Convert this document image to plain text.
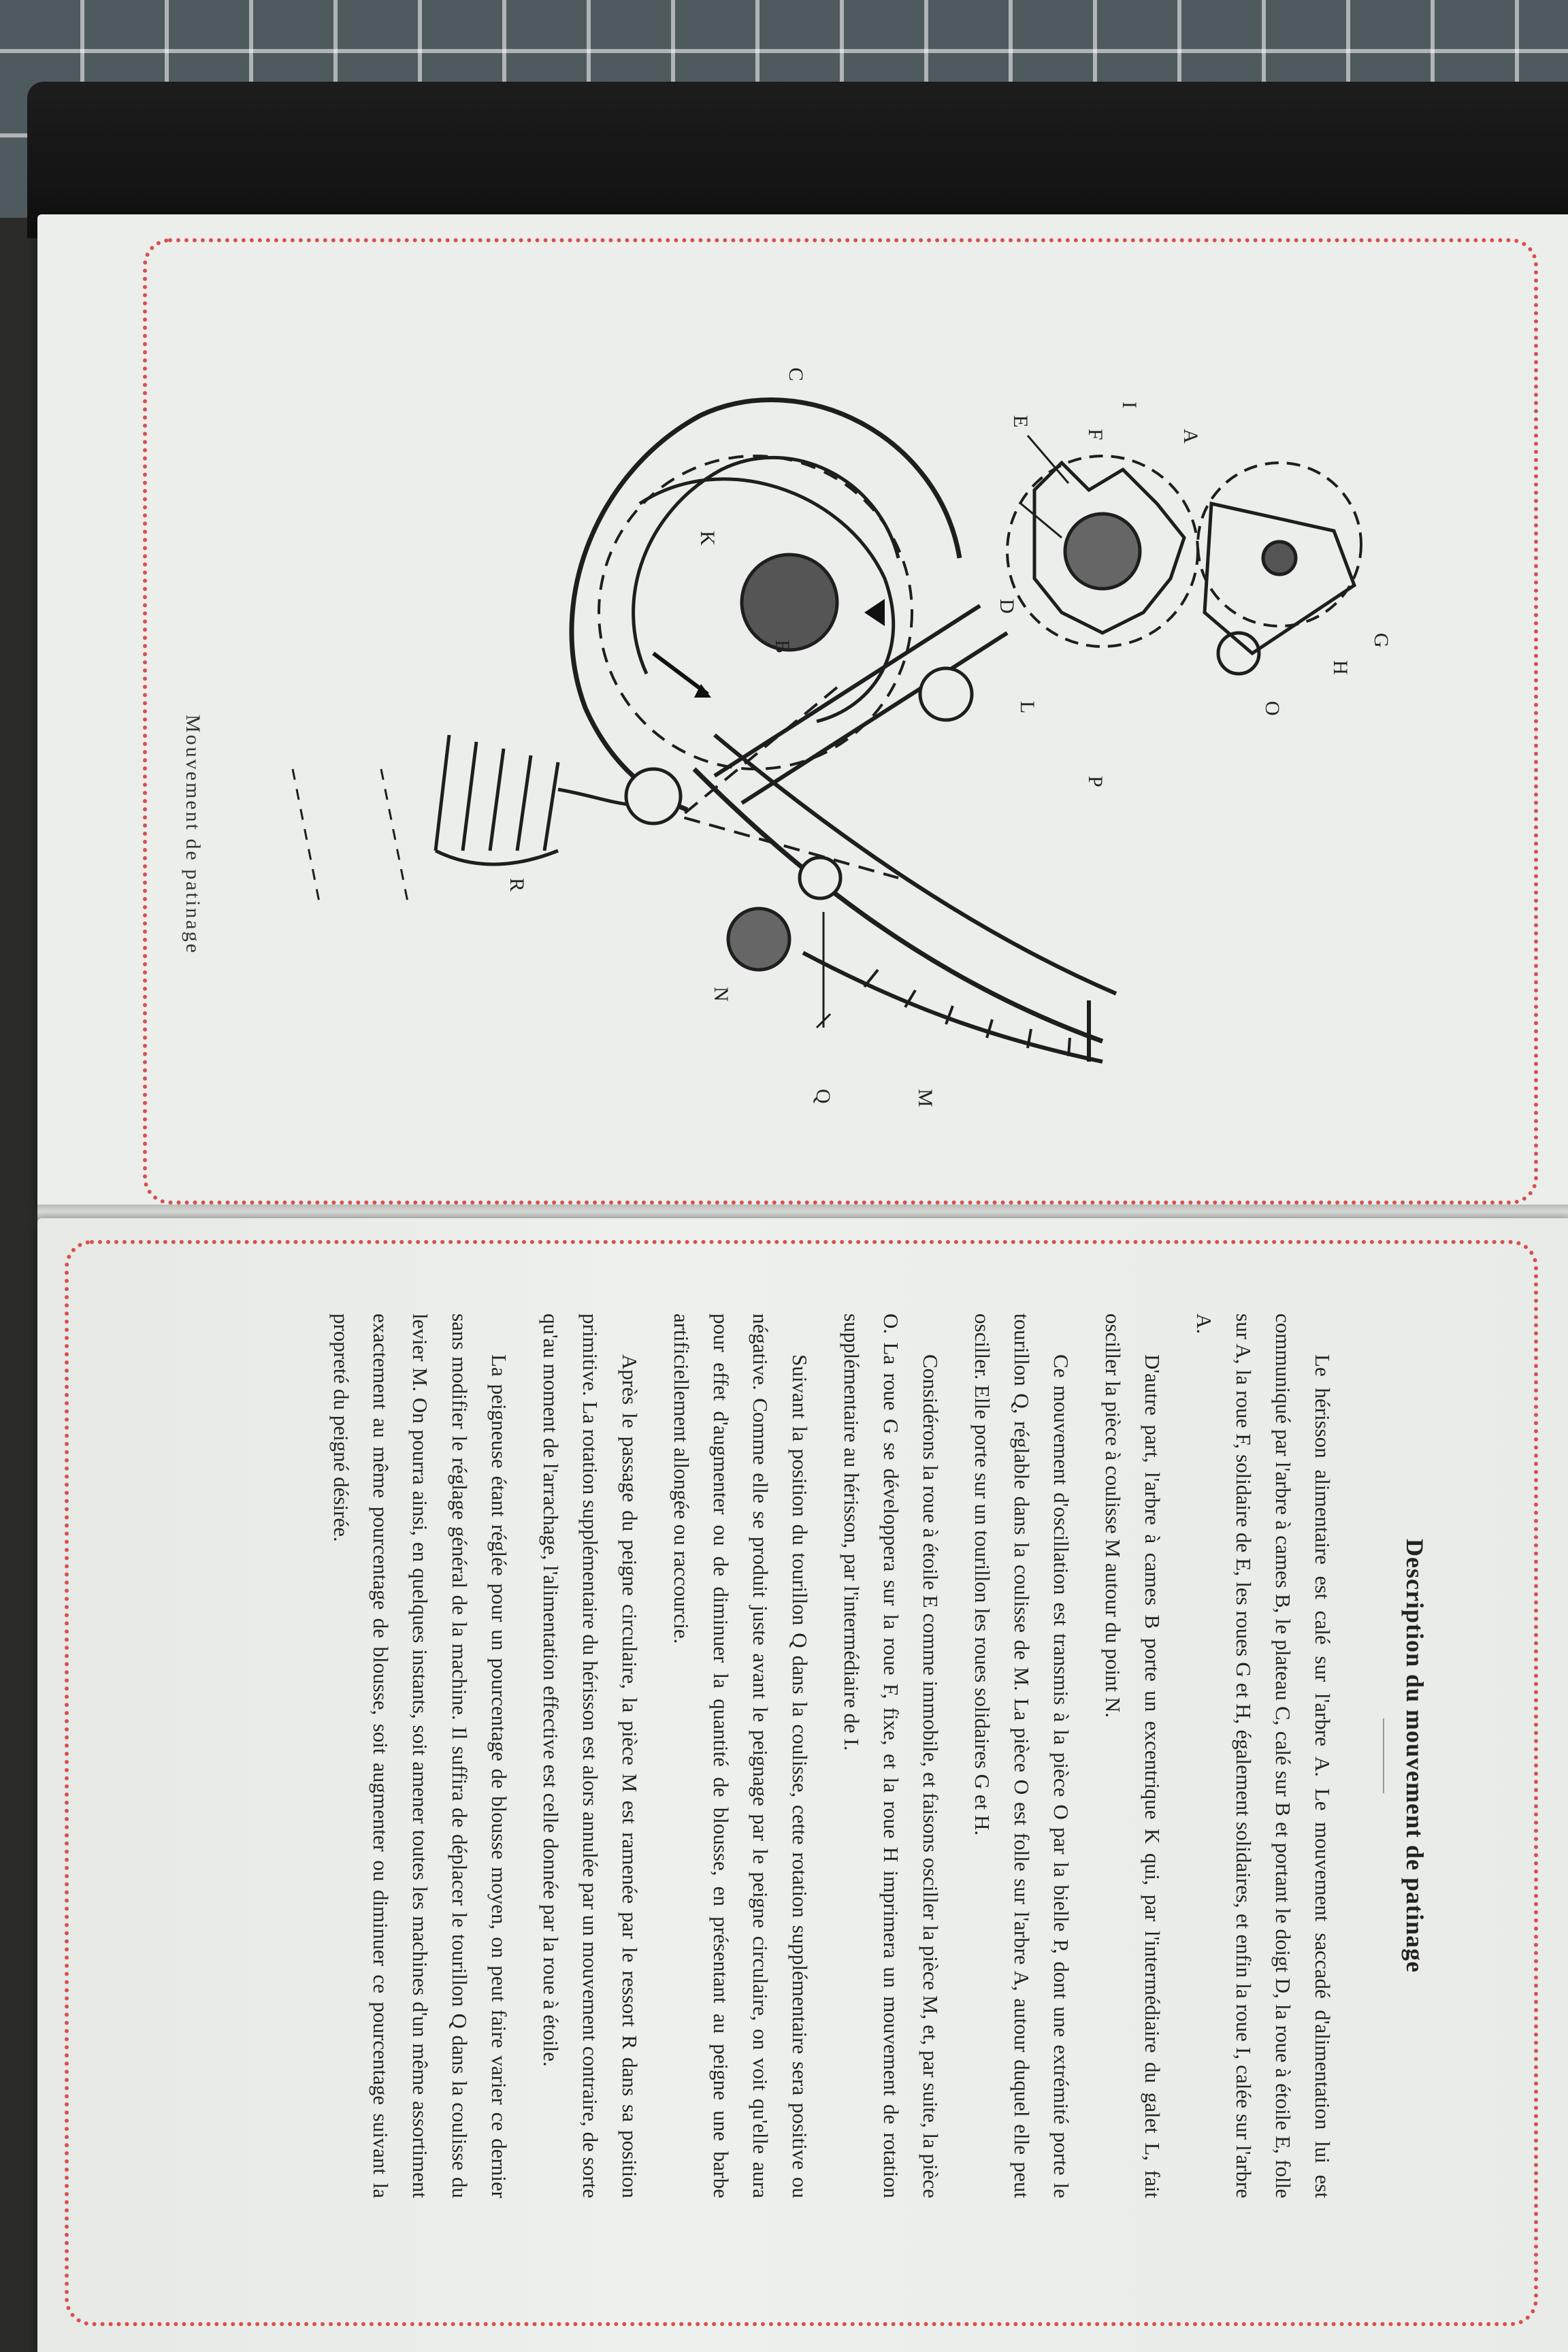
A
B
C
D
E
F
G
H
I
K
L
M
N
O
P
Q
R
Mouvement de patinage
Description du mouvement de patinage

Le hérisson alimentaire est calé sur l'arbre A. Le mouvement saccadé d'alimentation lui est communiqué par l'arbre à cames B, le plateau C, calé sur B et portant le doigt D, la roue à étoile E, folle sur A, la roue F, solidaire de E, les roues G et H, également solidaires, et enfin la roue I, calée sur l'arbre A.

D'autre part, l'arbre à cames B porte un excentrique K qui, par l'intermédiaire du galet L, fait osciller la pièce à coulisse M autour du point N.

Ce mouvement d'oscillation est transmis à la pièce O par la bielle P, dont une extrémité porte le tourillon Q, réglable dans la coulisse de M. La pièce O est folle sur l'arbre A, autour duquel elle peut osciller. Elle porte sur un tourillon les roues solidaires G et H.

Considérons la roue à étoile E comme immobile, et faisons osciller la pièce M, et, par suite, la pièce O. La roue G se développera sur la roue F, fixe, et la roue H imprimera un mouvement de rotation supplémentaire au hérisson, par l'intermédiaire de I.

Suivant la position du tourillon Q dans la coulisse, cette rotation supplémentaire sera positive ou négative. Comme elle se produit juste avant le peignage par le peigne circulaire, on voit qu'elle aura pour effet d'augmenter ou de diminuer la quantité de blousse, en présentant au peigne une barbe artificiellement allongée ou raccourcie.

Après le passage du peigne circulaire, la pièce M est ramenée par le ressort R dans sa position primitive. La rotation supplémentaire du hérisson est alors annulée par un mouvement contraire, de sorte qu'au moment de l'arrachage, l'alimentation effective est celle donnée par la roue à étoile.

La peigneuse étant réglée pour un pourcentage de blousse moyen, on peut faire varier ce dernier sans modifier le réglage général de la machine. Il suffira de déplacer le tourillon Q dans la coulisse du levier M. On pourra ainsi, en quelques instants, soit amener toutes les machines d'un même assortiment exactement au même pourcentage de blousse, soit augmenter ou diminuer ce pourcentage suivant la propreté du peigné désirée.
